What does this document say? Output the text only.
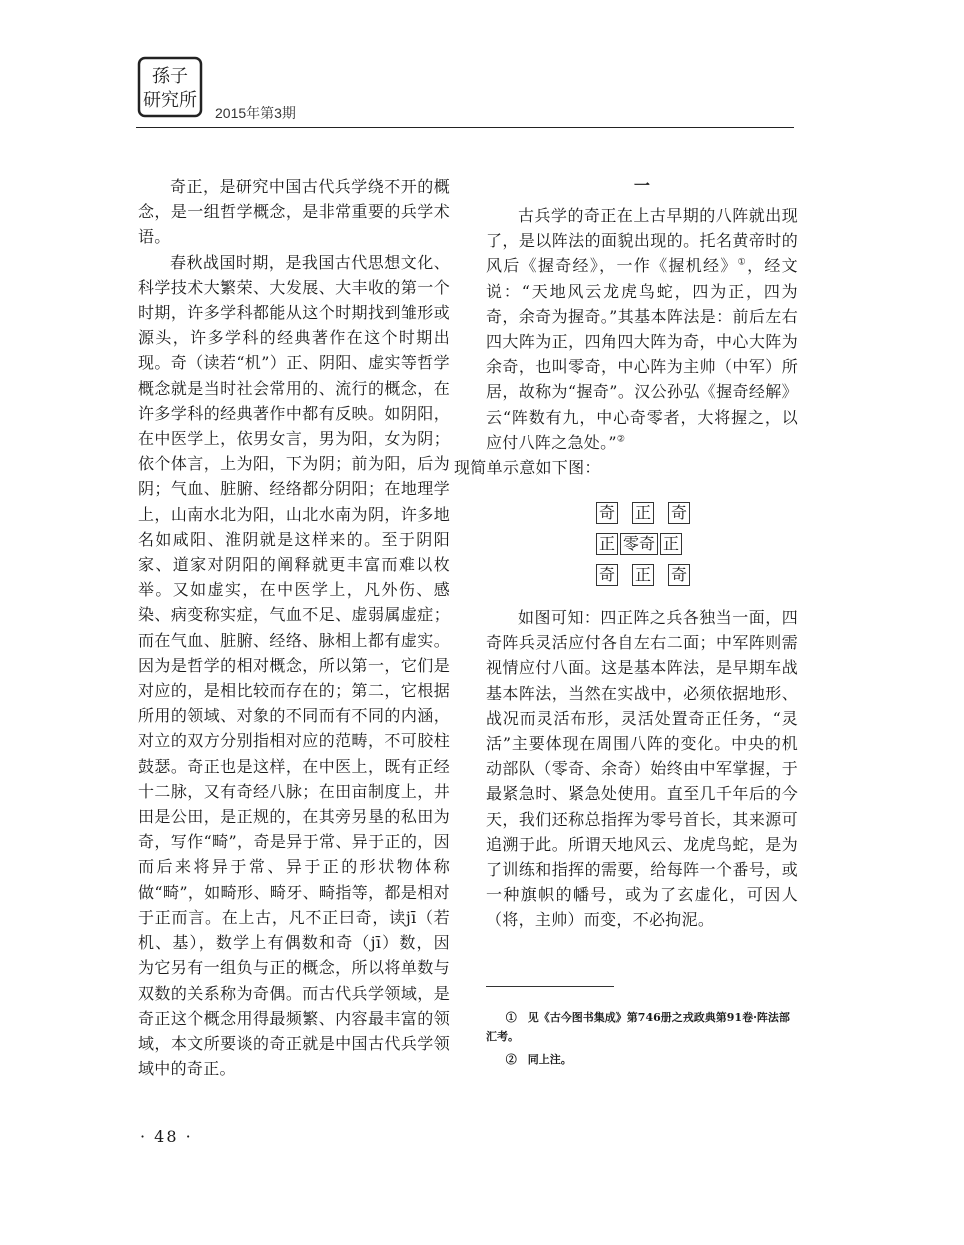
孫子
研究所
2015年第3期

奇正，是研究中国古代兵学绕不开的概念，是一组哲学概念，是非常重要的兵学术语。

春秋战国时期，是我国古代思想文化、科学技术大繁荣、大发展、大丰收的第一个时期，许多学科都能从这个时期找到雏形或源头，许多学科的经典著作在这个时期出现。奇（读若“机”）正、阴阳、虚实等哲学概念就是当时社会常用的、流行的概念，在许多学科的经典著作中都有反映。如阴阳，在中医学上，依男女言，男为阳，女为阴；依个体言，上为阳，下为阴；前为阳，后为阴；气血、脏腑、经络都分阴阳；在地理学上，山南水北为阳，山北水南为阴，许多地名如咸阳、淮阴就是这样来的。至于阴阳家、道家对阴阳的阐释就更丰富而难以枚举。又如虚实，在中医学上，凡外伤、感染、病变称实症，气血不足、虚弱属虚症；而在气血、脏腑、经络、脉相上都有虚实。因为是哲学的相对概念，所以第一，它们是对应的，是相比较而存在的；第二，它根据所用的领域、对象的不同而有不同的内涵，对立的双方分别指相对应的范畴，不可胶柱鼓瑟。奇正也是这样，在中医上，既有正经十二脉，又有奇经八脉；在田亩制度上，井田是公田，是正规的，在其旁另垦的私田为奇，写作“畸”，奇是异于常、异于正的，因而后来将异于常、异于正的形状物体称做“畸”，如畸形、畸牙、畸指等，都是相对于正而言。在上古，凡不正曰奇，读jī（若机、基），数学上有偶数和奇（jī）数，因为它另有一组负与正的概念，所以将单数与双数的关系称为奇偶。而古代兵学领域，是奇正这个概念用得最频繁、内容最丰富的领域，本文所要谈的奇正就是中国古代兵学领域中的奇正。

一

古兵学的奇正在上古早期的八阵就出现了，是以阵法的面貌出现的。托名黄帝时的风后《握奇经》，一作《握机经》①，经文说：“天地风云龙虎鸟蛇，四为正，四为奇，余奇为握奇。”其基本阵法是：前后左右四大阵为正，四角四大阵为奇，中心大阵为余奇，也叫零奇，中心阵为主帅（中军）所居，故称为“握奇”。汉公孙弘《握奇经解》云“阵数有九，中心奇零者，大将握之，以应付八阵之急处。”②
现简单示意如下图：

奇 正 奇
正 零奇 正
奇 正 奇

如图可知：四正阵之兵各独当一面，四奇阵兵灵活应付各自左右二面；中军阵则需视情应付八面。这是基本阵法，是早期车战基本阵法，当然在实战中，必须依据地形、战况而灵活布形，灵活处置奇正任务，“灵活”主要体现在周围八阵的变化。中央的机动部队（零奇、余奇）始终由中军掌握，于最紧急时、紧急处使用。直至几千年后的今天，我们还称总指挥为零号首长，其来源可追溯于此。所谓天地风云、龙虎鸟蛇，是为了训练和指挥的需要，给每阵一个番号，或一种旗帜的幡号，或为了玄虚化，可因人（将，主帅）而变，不必拘泥。

①　 见《古今图书集成》第746册之戎政典第91卷·阵法部汇考。

②　 同上注。

· 48 ·
